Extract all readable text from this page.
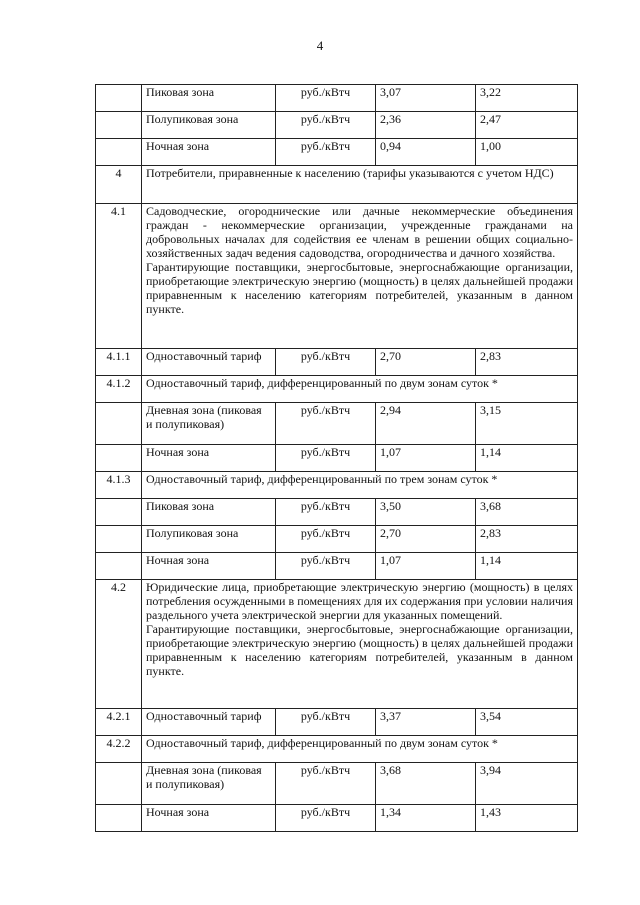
4
	Пиковая зона	руб./кВтч	3,07	3,22
	Полупиковая зона	руб./кВтч	2,36	2,47
	Ночная зона	руб./кВтч	0,94	1,00
4	Потребители, приравненные к населению (тарифы указываются с учетом НДС)			
4.1	Садоводческие, огороднические или дачные некоммерческие объединения граждан - некоммерческие организации, учрежденные гражданами на добровольных началах для содействия ее членам в решении общих социально-хозяйственных задач ведения садоводства, огородничества и дачного хозяйства.
Гарантирующие поставщики, энергосбытовые, энергоснабжающие организации, приобретающие электрическую энергию (мощность) в целях дальнейшей продажи приравненным к населению категориям потребителей, указанным в данном пункте.			

4.1.1	Одноставочный тариф	руб./кВтч	2,70	2,83
4.1.2	Одноставочный тариф, дифференцированный по двум зонам суток *			
	Дневная зона (пиковая и полупиковая)	руб./кВтч	2,94	3,15
	Ночная зона	руб./кВтч	1,07	1,14
4.1.3	Одноставочный тариф, дифференцированный по трем зонам суток *			
	Пиковая зона	руб./кВтч	3,50	3,68
	Полупиковая зона	руб./кВтч	2,70	2,83
	Ночная зона	руб./кВтч	1,07	1,14
4.2	Юридические лица, приобретающие электрическую энергию (мощность) в целях потребления осужденными в помещениях для их содержания при условии наличия раздельного учета электрической энергии для указанных помещений.
Гарантирующие поставщики, энергосбытовые, энергоснабжающие организации, приобретающие электрическую энергию (мощность) в целях дальнейшей продажи приравненным к населению категориям потребителей, указанным в данном пункте.			

4.2.1	Одноставочный тариф	руб./кВтч	3,37	3,54
4.2.2	Одноставочный тариф, дифференцированный по двум зонам суток *			
	Дневная зона (пиковая и полупиковая)	руб./кВтч	3,68	3,94
	Ночная зона	руб./кВтч	1,34	1,43
